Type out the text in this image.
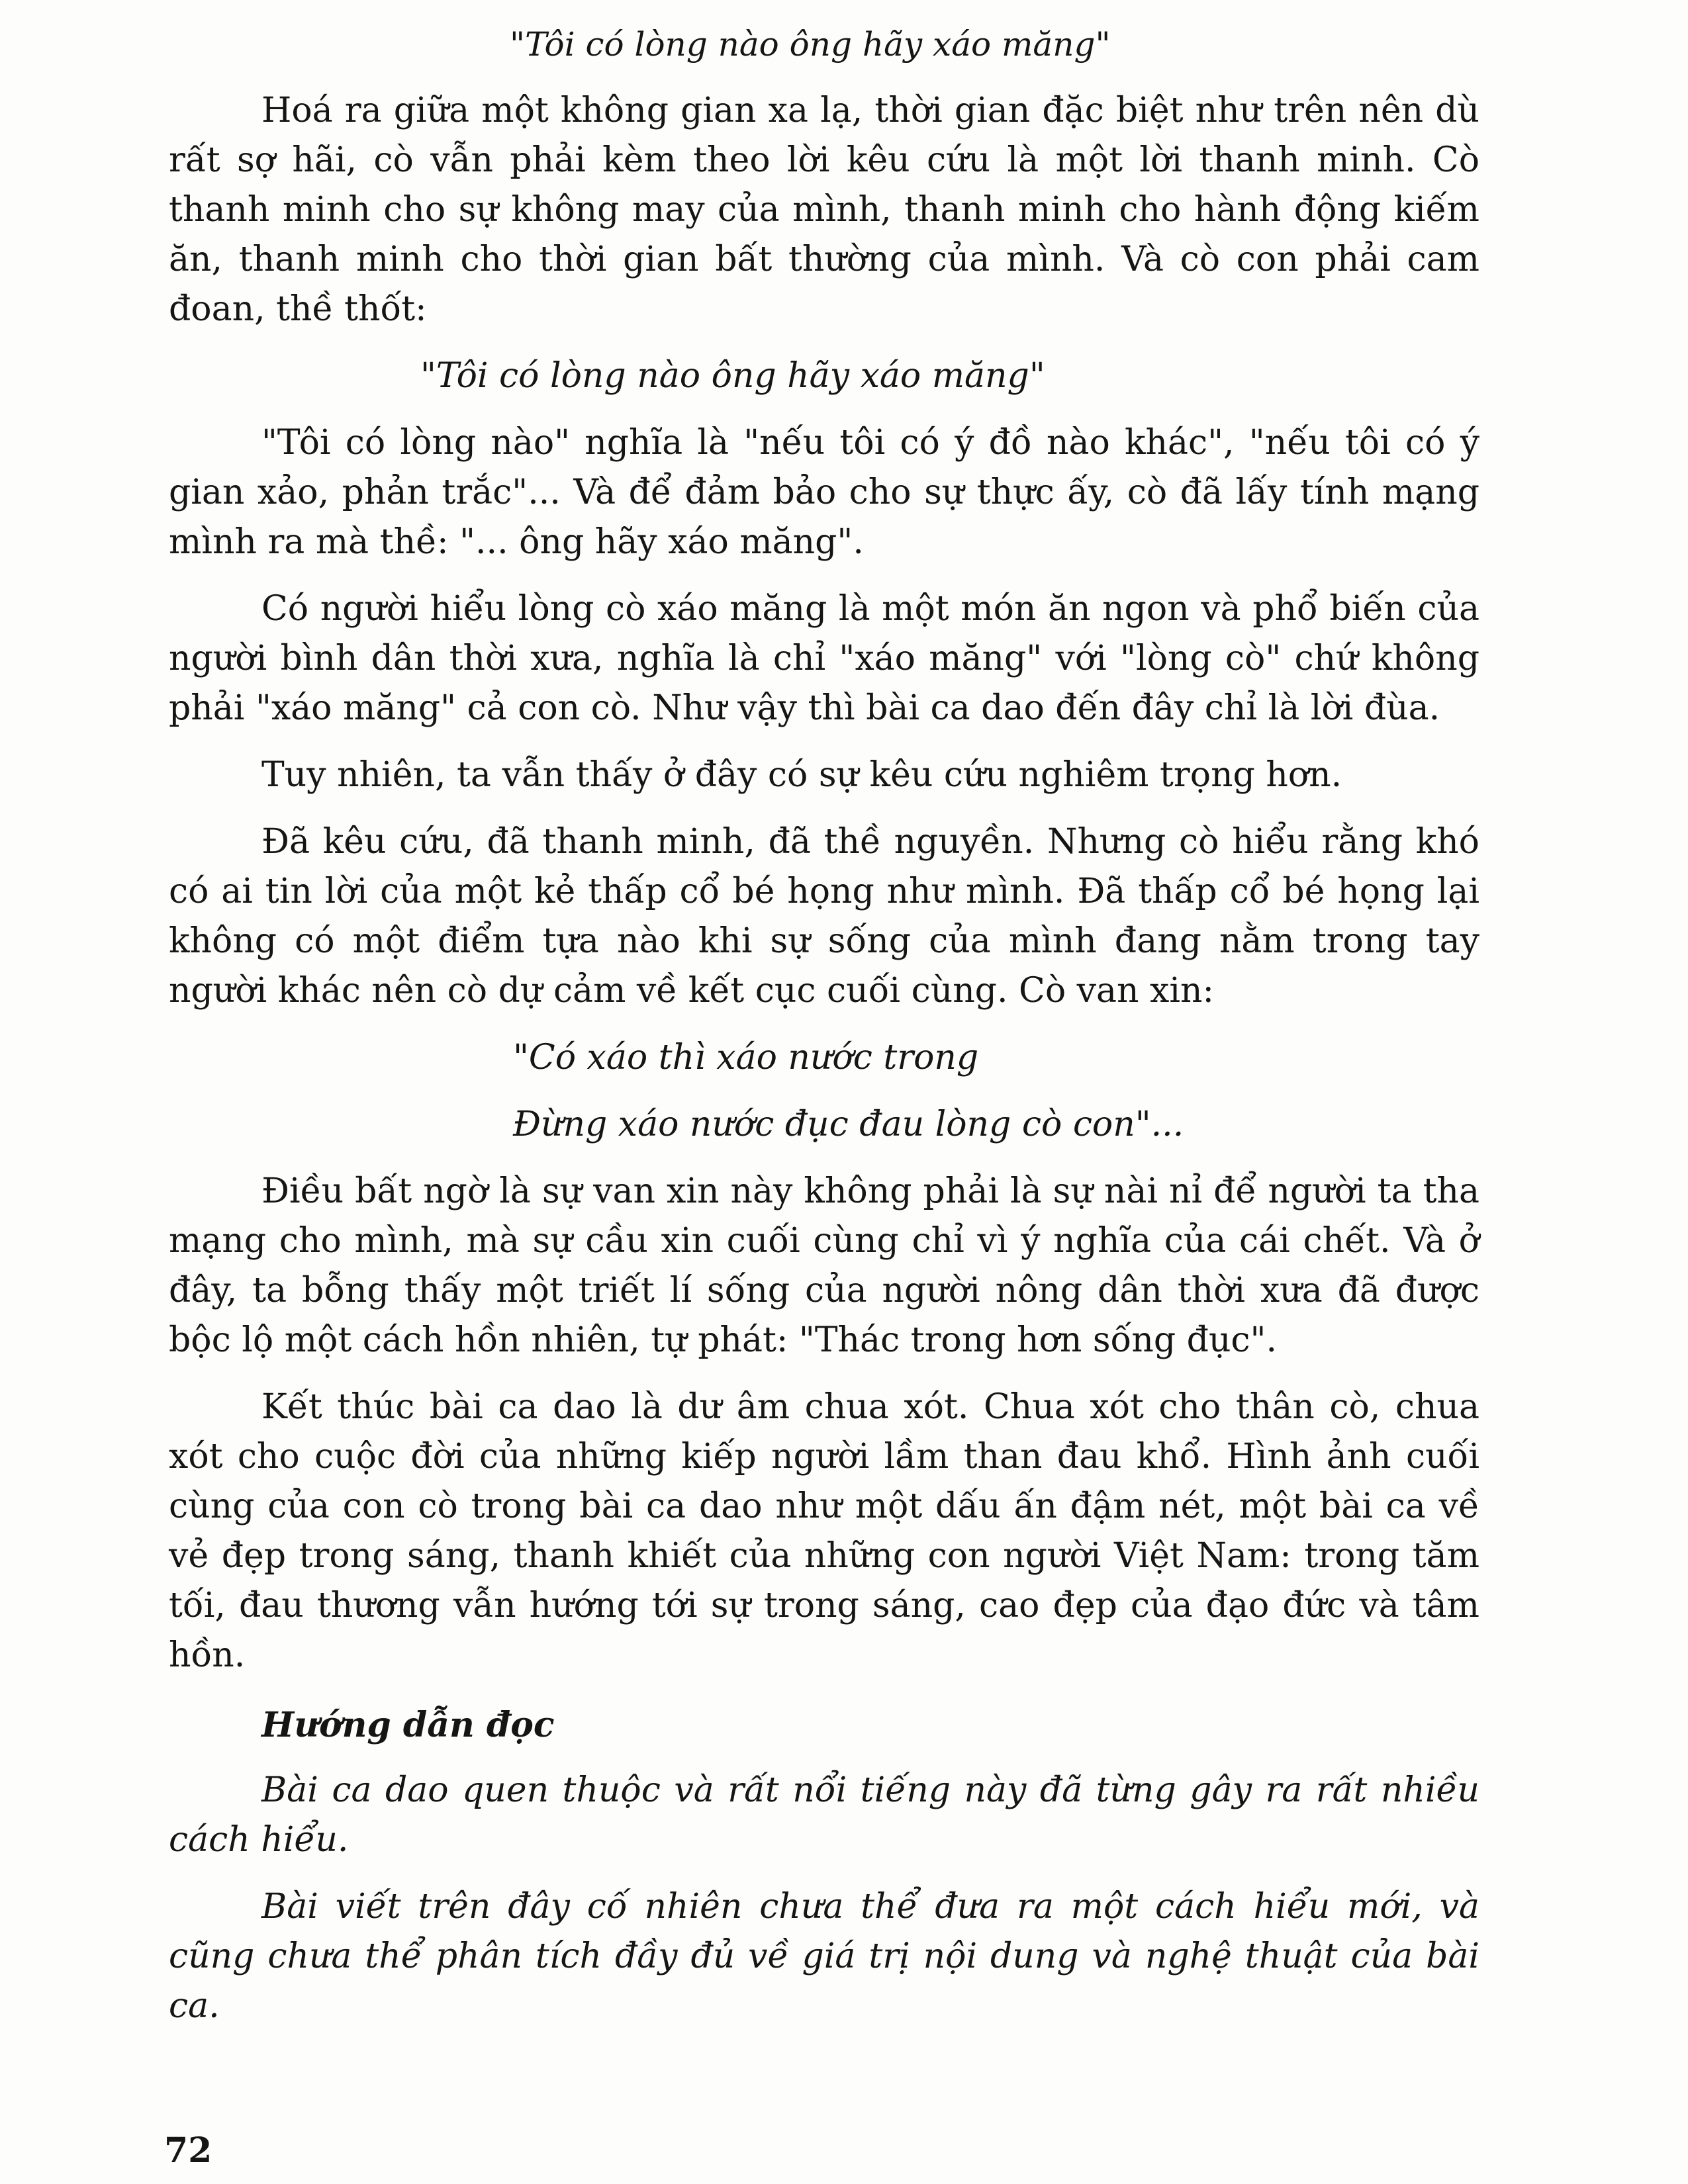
"Tôi có lòng nào ông hãy xáo măng"

Hoá ra giữa một không gian xa lạ, thời gian đặc biệt như trên nên dù rất sợ hãi, cò vẫn phải kèm theo lời kêu cứu là một lời thanh minh. Cò thanh minh cho sự không may của mình, thanh minh cho hành động kiếm ăn, thanh minh cho thời gian bất thường của mình. Và cò con phải cam đoan, thề thốt:

"Tôi có lòng nào ông hãy xáo măng"

"Tôi có lòng nào" nghĩa là "nếu tôi có ý đồ nào khác", "nếu tôi có ý gian xảo, phản trắc"... Và để đảm bảo cho sự thực ấy, cò đã lấy tính mạng mình ra mà thề: "... ông hãy xáo măng".

Có người hiểu lòng cò xáo măng là một món ăn ngon và phổ biến của người bình dân thời xưa, nghĩa là chỉ "xáo măng" với "lòng cò" chứ không phải "xáo măng" cả con cò. Như vậy thì bài ca dao đến đây chỉ là lời đùa.

Tuy nhiên, ta vẫn thấy ở đây có sự kêu cứu nghiêm trọng hơn.

Đã kêu cứu, đã thanh minh, đã thề nguyền. Nhưng cò hiểu rằng khó có ai tin lời của một kẻ thấp cổ bé họng như mình. Đã thấp cổ bé họng lại không có một điểm tựa nào khi sự sống của mình đang nằm trong tay người khác nên cò dự cảm về kết cục cuối cùng. Cò van xin:

"Có xáo thì xáo nước trong

Đừng xáo nước đục đau lòng cò con"...

Điều bất ngờ là sự van xin này không phải là sự nài nỉ để người ta tha mạng cho mình, mà sự cầu xin cuối cùng chỉ vì ý nghĩa của cái chết. Và ở đây, ta bỗng thấy một triết lí sống của người nông dân thời xưa đã được bộc lộ một cách hồn nhiên, tự phát: "Thác trong hơn sống đục".

Kết thúc bài ca dao là dư âm chua xót. Chua xót cho thân cò, chua xót cho cuộc đời của những kiếp người lầm than đau khổ. Hình ảnh cuối cùng của con cò trong bài ca dao như một dấu ấn đậm nét, một bài ca về vẻ đẹp trong sáng, thanh khiết của những con người Việt Nam: trong tăm tối, đau thương vẫn hướng tới sự trong sáng, cao đẹp của đạo đức và tâm hồn.

Hướng dẫn đọc

Bài ca dao quen thuộc và rất nổi tiếng này đã từng gây ra rất nhiều cách hiểu.

Bài viết trên đây cố nhiên chưa thể đưa ra một cách hiểu mới, và cũng chưa thể phân tích đầy đủ về giá trị nội dung và nghệ thuật của bài ca.

72
